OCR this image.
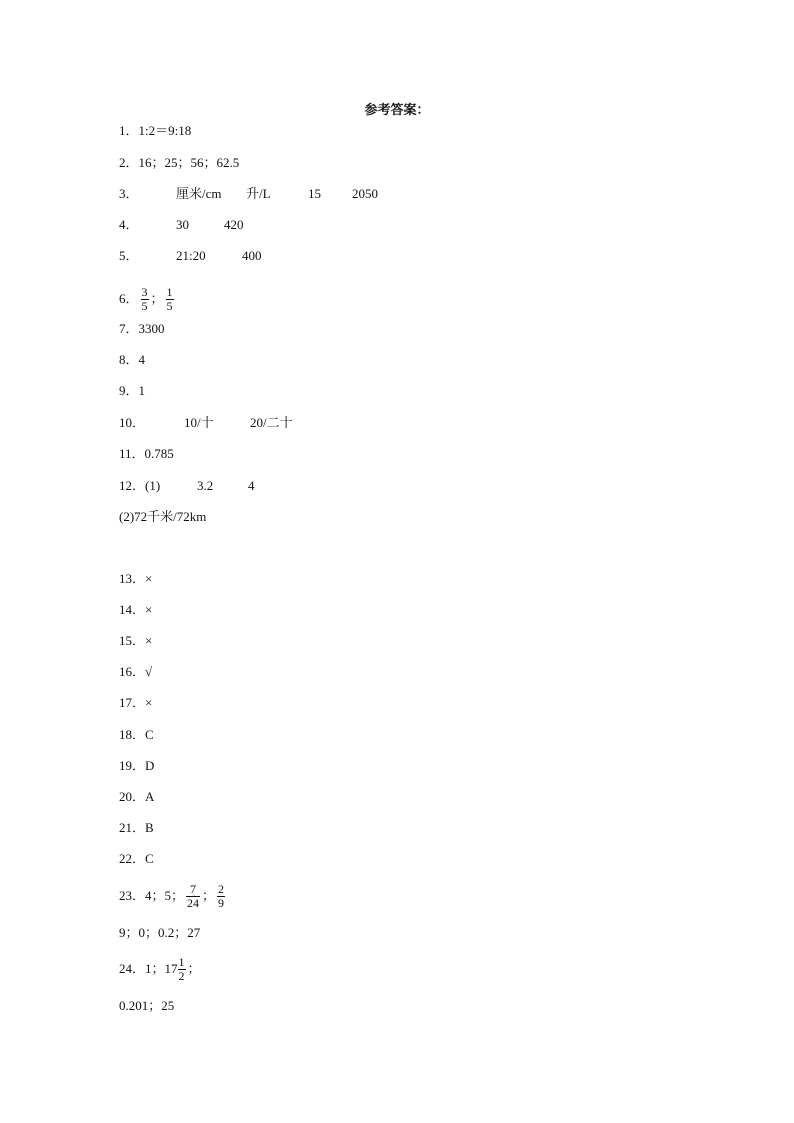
参考答案：
1． 1:2＝9:18
2． 16；25；56；62.5
3．	厘米/cm	升/L	15	2050
4．	30	420
5．	21:20	400
6． $\frac{3}{5}$ ； $\frac{1}{5}$
7． 3300
8． 4
9． 1
10．	10/十	20/二十
11． 0.785
12． (1)	3.2	4
(2)72千米/72km
13． ×
14． ×
15． ×
16． √
17． ×
18． C
19． D
20． A
21． B
22． C
23． 4；5； $\frac{7}{24}$ ； $\frac{2}{9}$
9；0；0.2；27
24． 1； $17 \frac{1}{2}$ ；
0.201；25
